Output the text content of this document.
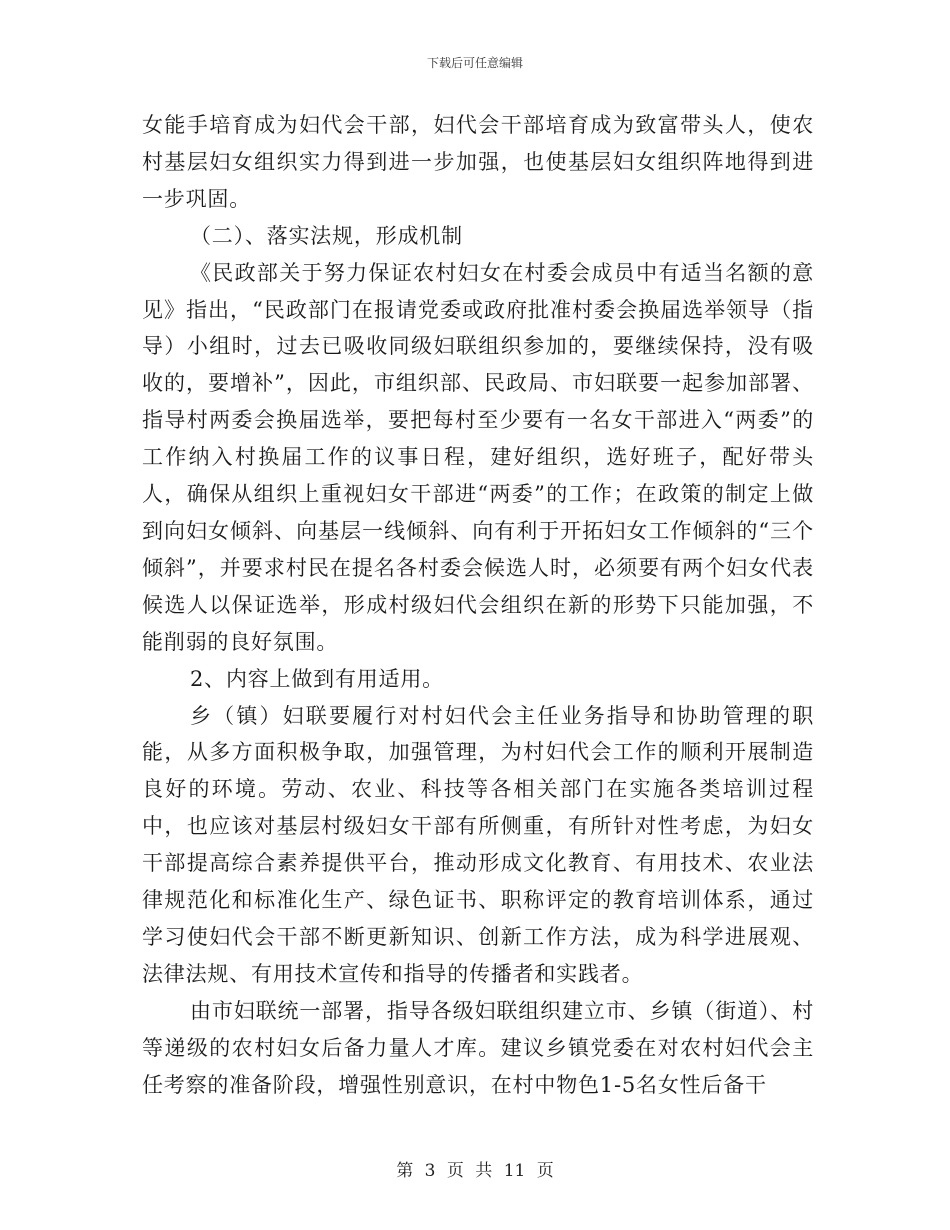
下载后可任意编辑

女能手培育成为妇代会干部，妇代会干部培育成为致富带头人，使农村基层妇女组织实力得到进一步加强，也使基层妇女组织阵地得到进一步巩固。

（二）、落实法规，形成机制

《民政部关于努力保证农村妇女在村委会成员中有适当名额的意见》指出，“民政部门在报请党委或政府批准村委会换届选举领导（指导）小组时，过去已吸收同级妇联组织参加的，要继续保持，没有吸收的，要增补”，因此，市组织部、民政局、市妇联要一起参加部署、指导村两委会换届选举，要把每村至少要有一名女干部进入“两委”的工作纳入村换届工作的议事日程，建好组织，选好班子，配好带头人，确保从组织上重视妇女干部进“两委”的工作；在政策的制定上做到向妇女倾斜、向基层一线倾斜、向有利于开拓妇女工作倾斜的“三个倾斜”，并要求村民在提名各村委会候选人时，必须要有两个妇女代表候选人以保证选举，形成村级妇代会组织在新的形势下只能加强，不能削弱的良好氛围。

2、内容上做到有用适用。

乡（镇）妇联要履行对村妇代会主任业务指导和协助管理的职能，从多方面积极争取，加强管理，为村妇代会工作的顺利开展制造良好的环境。劳动、农业、科技等各相关部门在实施各类培训过程中，也应该对基层村级妇女干部有所侧重，有所针对性考虑，为妇女干部提高综合素养提供平台，推动形成文化教育、有用技术、农业法律规范化和标准化生产、绿色证书、职称评定的教育培训体系，通过学习使妇代会干部不断更新知识、创新工作方法，成为科学进展观、法律法规、有用技术宣传和指导的传播者和实践者。

由市妇联统一部署，指导各级妇联组织建立市、乡镇（街道）、村等递级的农村妇女后备力量人才库。建议乡镇党委在对农村妇代会主任考察的准备阶段，增强性别意识，在村中物色1-5名女性后备干

第 3 页 共 11 页
